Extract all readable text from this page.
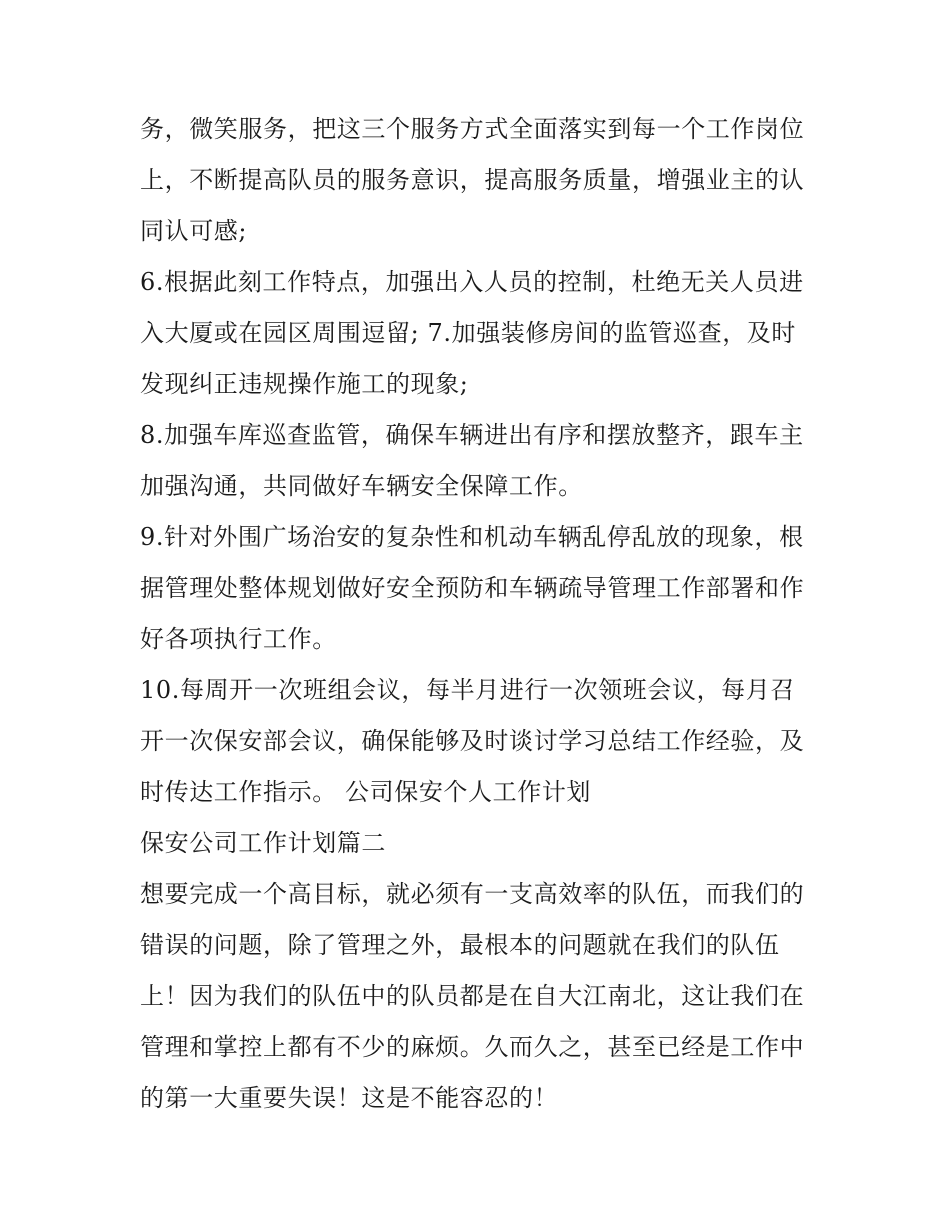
务，微笑服务，把这三个服务方式全面落实到每一个工作岗位
上，不断提高队员的服务意识，提高服务质量，增强业主的认
同认可感;
6.根据此刻工作特点，加强出入人员的控制，杜绝无关人员进
入大厦或在园区周围逗留; 7.加强装修房间的监管巡查，及时
发现纠正违规操作施工的现象;
8.加强车库巡查监管，确保车辆进出有序和摆放整齐，跟车主
加强沟通，共同做好车辆安全保障工作。
9.针对外围广场治安的复杂性和机动车辆乱停乱放的现象，根
据管理处整体规划做好安全预防和车辆疏导管理工作部署和作
好各项执行工作。
10.每周开一次班组会议，每半月进行一次领班会议，每月召
开一次保安部会议，确保能够及时谈讨学习总结工作经验，及
时传达工作指示。 公司保安个人工作计划
保安公司工作计划篇二
想要完成一个高目标，就必须有一支高效率的队伍，而我们的
错误的问题，除了管理之外，最根本的问题就在我们的队伍
上！因为我们的队伍中的队员都是在自大江南北，这让我们在
管理和掌控上都有不少的麻烦。久而久之，甚至已经是工作中
的第一大重要失误！这是不能容忍的！
